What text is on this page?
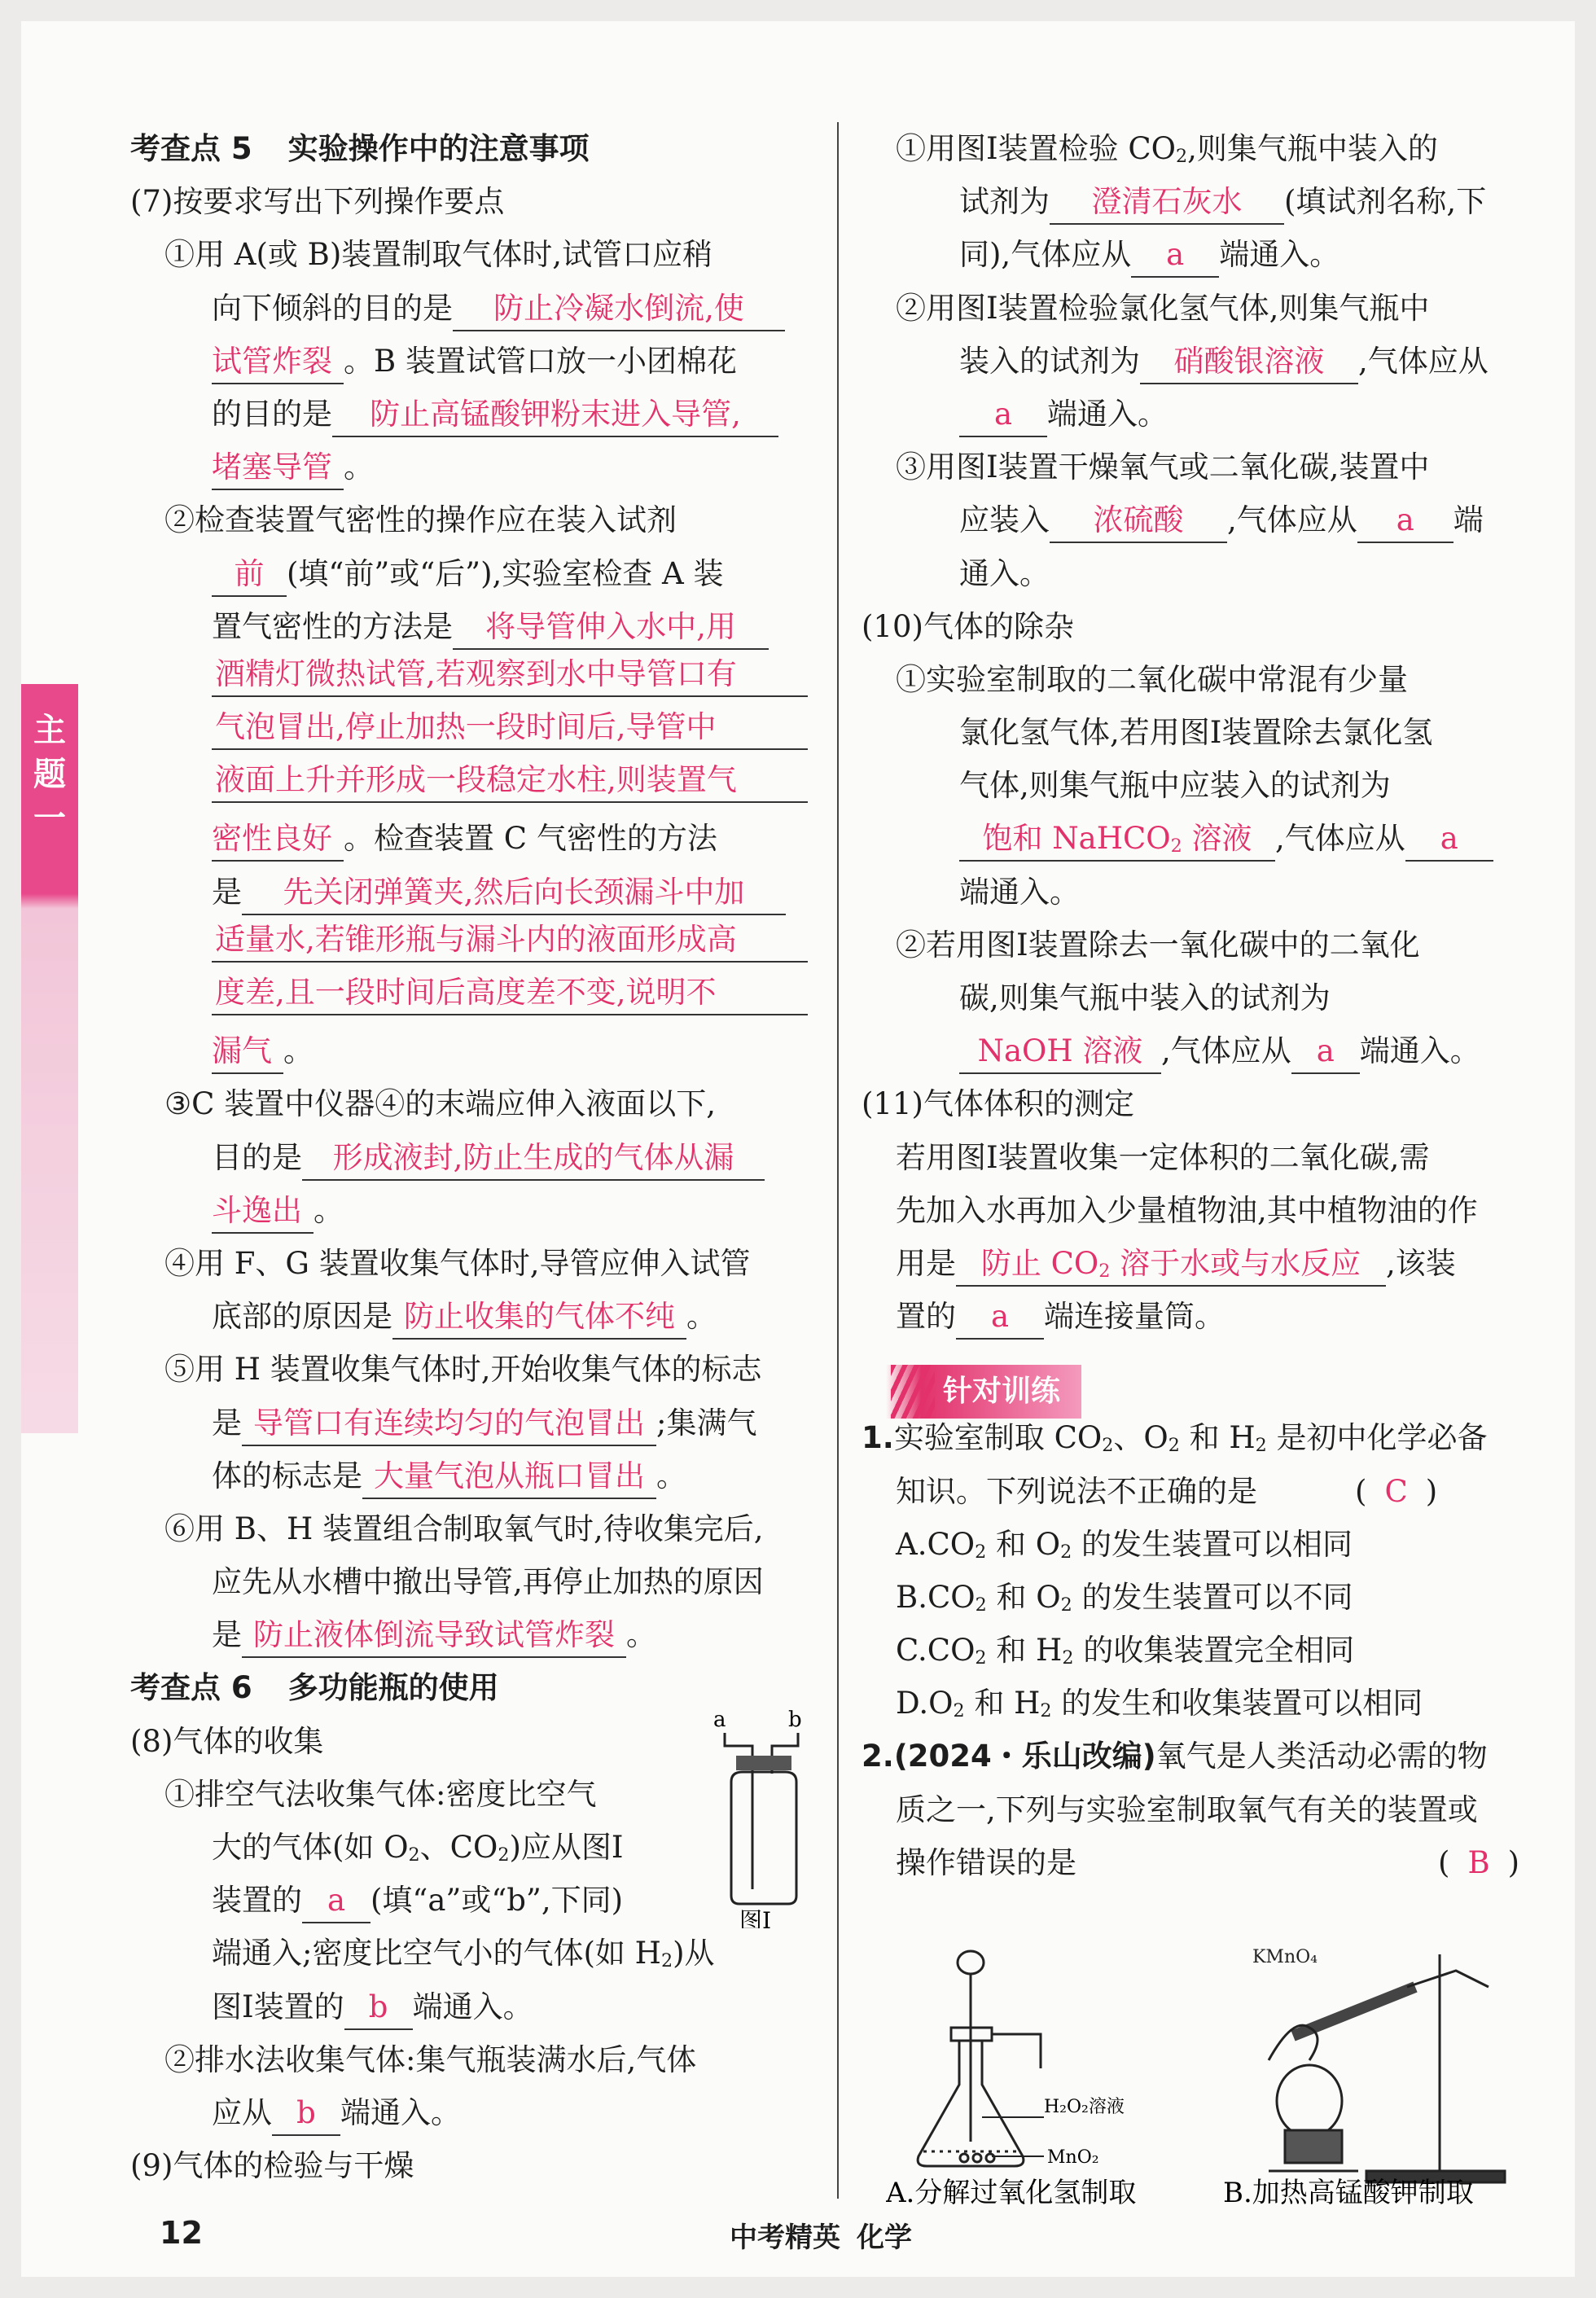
主
题
一
考查点 5 实验操作中的注意事项
(7)按要求写出下列操作要点
①用 A(或 B)装置制取气体时,试管口应稍
向下倾斜的目的是 防止冷凝水倒流,使
试管炸裂 。B 装置试管口放一小团棉花
的目的是 防止高锰酸钾粉末进入导管,
堵塞导管 。
②检查装置气密性的操作应在装入试剂
前 (填“前”或“后”),实验室检查 A 装
置气密性的方法是 将导管伸入水中,用
酒精灯微热试管,若观察到水中导管口有
气泡冒出,停止加热一段时间后,导管中
液面上升并形成一段稳定水柱,则装置气
密性良好 。检查装置 C 气密性的方法
是 先关闭弹簧夹,然后向长颈漏斗中加
适量水,若锥形瓶与漏斗内的液面形成高
度差,且一段时间后高度差不变,说明不
漏气 。
③C 装置中仪器④的末端应伸入液面以下,
目的是 形成液封,防止生成的气体从漏
斗逸出 。
④用 F、G 装置收集气体时,导管应伸入试管
底部的原因是 防止收集的气体不纯 。
⑤用 H 装置收集气体时,开始收集气体的标志
是 导管口有连续均匀的气泡冒出 ;集满气
体的标志是 大量气泡从瓶口冒出 。
⑥用 B、H 装置组合制取氧气时,待收集完后,
应先从水槽中撤出导管,再停止加热的原因
是 防止液体倒流导致试管炸裂 。
考查点 6 多功能瓶的使用
(8)气体的收集
①排空气法收集气体:密度比空气
大的气体(如 $O_2$、$CO_2$)应从图Ⅰ
装置的 a (填“a”或“b”,下同)
端通入;密度比空气小的气体(如 $H_2$)从
图Ⅰ装置的 b 端通入。
②排水法收集气体:集气瓶装满水后,气体
应从 b 端通入。
(9)气体的检验与干燥
a	b
图Ⅰ
①用图Ⅰ装置检验 $CO_2$,则集气瓶中装入的
试剂为 澄清石灰水 (填试剂名称,下
同),气体应从 a 端通入。
②用图Ⅰ装置检验氯化氢气体,则集气瓶中
装入的试剂为 硝酸银溶液 ,气体应从
a 端通入。
③用图Ⅰ装置干燥氧气或二氧化碳,装置中
应装入 浓硫酸 ,气体应从 a 端
通入。
(10)气体的除杂
①实验室制取的二氧化碳中常混有少量
氯化氢气体,若用图Ⅰ装置除去氯化氢
气体,则集气瓶中应装入的试剂为
饱和 NaHCO$_2$ 溶液 ,气体应从 a
端通入。
②若用图Ⅰ装置除去一氧化碳中的二氧化
碳,则集气瓶中装入的试剂为
NaOH 溶液 ,气体应从 a 端通入。
(11)气体体积的测定
若用图Ⅰ装置收集一定体积的二氧化碳,需
先加入水再加入少量植物油,其中植物油的作
用是 防止 $CO_2$ 溶于水或与水反应 ,该装
置的 a 端连接量筒。
1.实验室制取 $CO_2$、$O_2$ 和 $H_2$ 是初中化学必备
知识。下列说法不正确的是	( C )
$A.CO_2$ 和 $O_2$ 的发生装置可以相同
$B.CO_2$ 和 $O_2$ 的发生装置可以不同
$C.CO_2$ 和 $H_2$ 的收集装置完全相同
$D.O_2$ 和 $H_2$ 的发生和收集装置可以相同
2.(2024・乐山改编)氧气是人类活动必需的物
质之一,下列与实验室制取氧气有关的装置或
操作错误的是	( B )
针对训练
H₂O₂溶液
MnO₂
KMnO₄
A.分解过氧化氢制取	B.加热高锰酸钾制取
12	中考精英 化学
